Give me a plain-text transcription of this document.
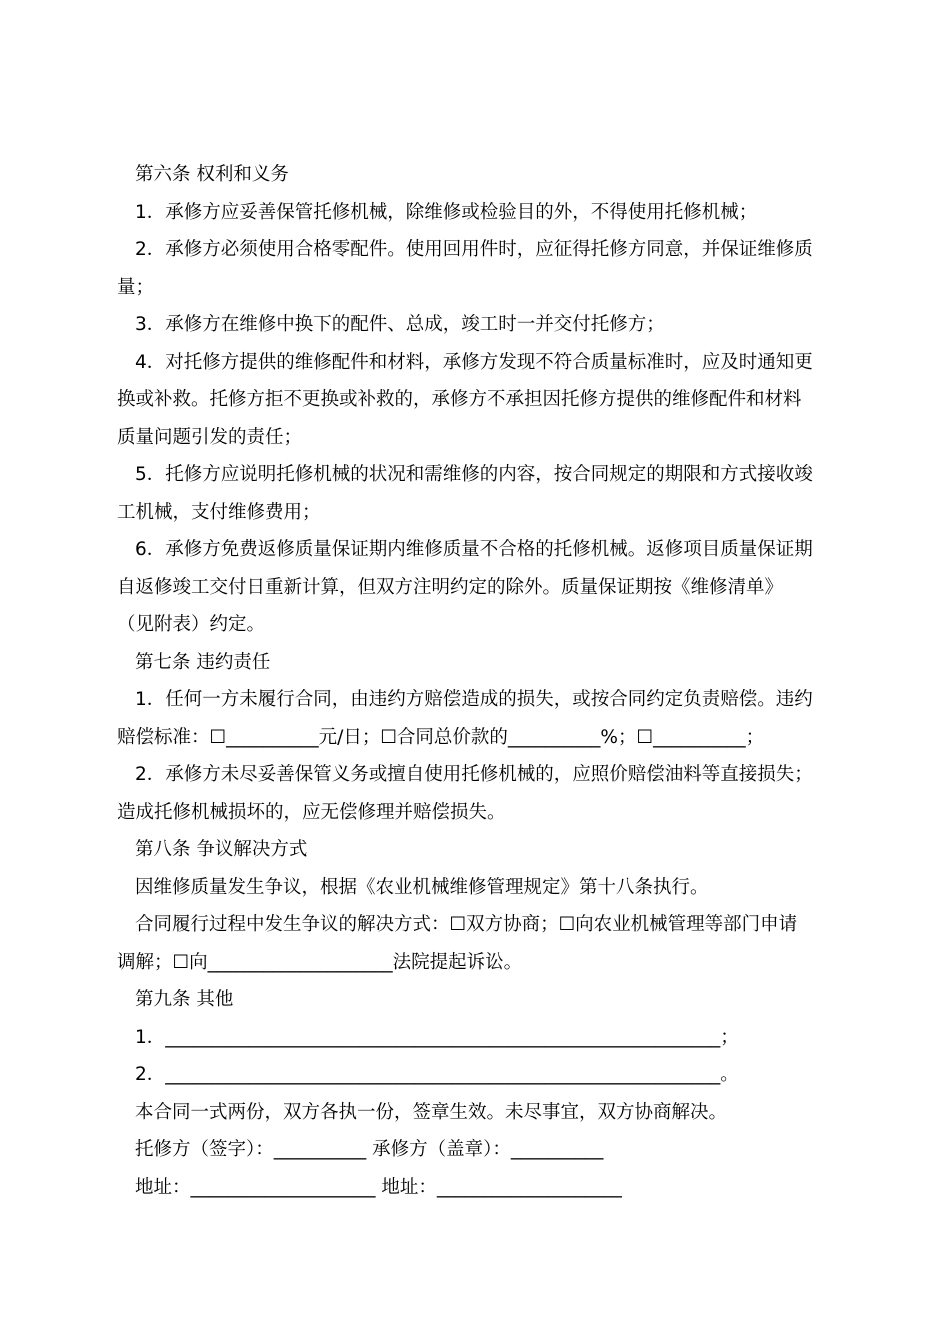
第六条 权利和义务

1．承修方应妥善保管托修机械，除维修或检验目的外，不得使用托修机械；

2．承修方必须使用合格零配件。使用回用件时，应征得托修方同意，并保证维修质

量；

3．承修方在维修中换下的配件、总成，竣工时一并交付托修方；

4．对托修方提供的维修配件和材料，承修方发现不符合质量标准时，应及时通知更

换或补救。托修方拒不更换或补救的，承修方不承担因托修方提供的维修配件和材料

质量问题引发的责任；

5．托修方应说明托修机械的状况和需维修的内容，按合同规定的期限和方式接收竣

工机械，支付维修费用；

6．承修方免费返修质量保证期内维修质量不合格的托修机械。返修项目质量保证期

自返修竣工交付日重新计算，但双方注明约定的除外。质量保证期按《维修清单》

（见附表）约定。

第七条 违约责任

1．任何一方未履行合同，由违约方赔偿造成的损失，或按合同约定负责赔偿。违约

赔偿标准：☐__________元/日；☐合同总价款的__________%；☐__________；

2．承修方未尽妥善保管义务或擅自使用托修机械的，应照价赔偿油料等直接损失；

造成托修机械损坏的，应无偿修理并赔偿损失。

第八条 争议解决方式

因维修质量发生争议，根据《农业机械维修管理规定》第十八条执行。

合同履行过程中发生争议的解决方式：☐双方协商；☐向农业机械管理等部门申请

调解；☐向____________________法院提起诉讼。

第九条 其他

1．____________________________________________________________；

2．____________________________________________________________。

本合同一式两份，双方各执一份，签章生效。未尽事宜，双方协商解决。

托修方（签字）：__________ 承修方（盖章）：__________

地址：____________________ 地址：____________________
